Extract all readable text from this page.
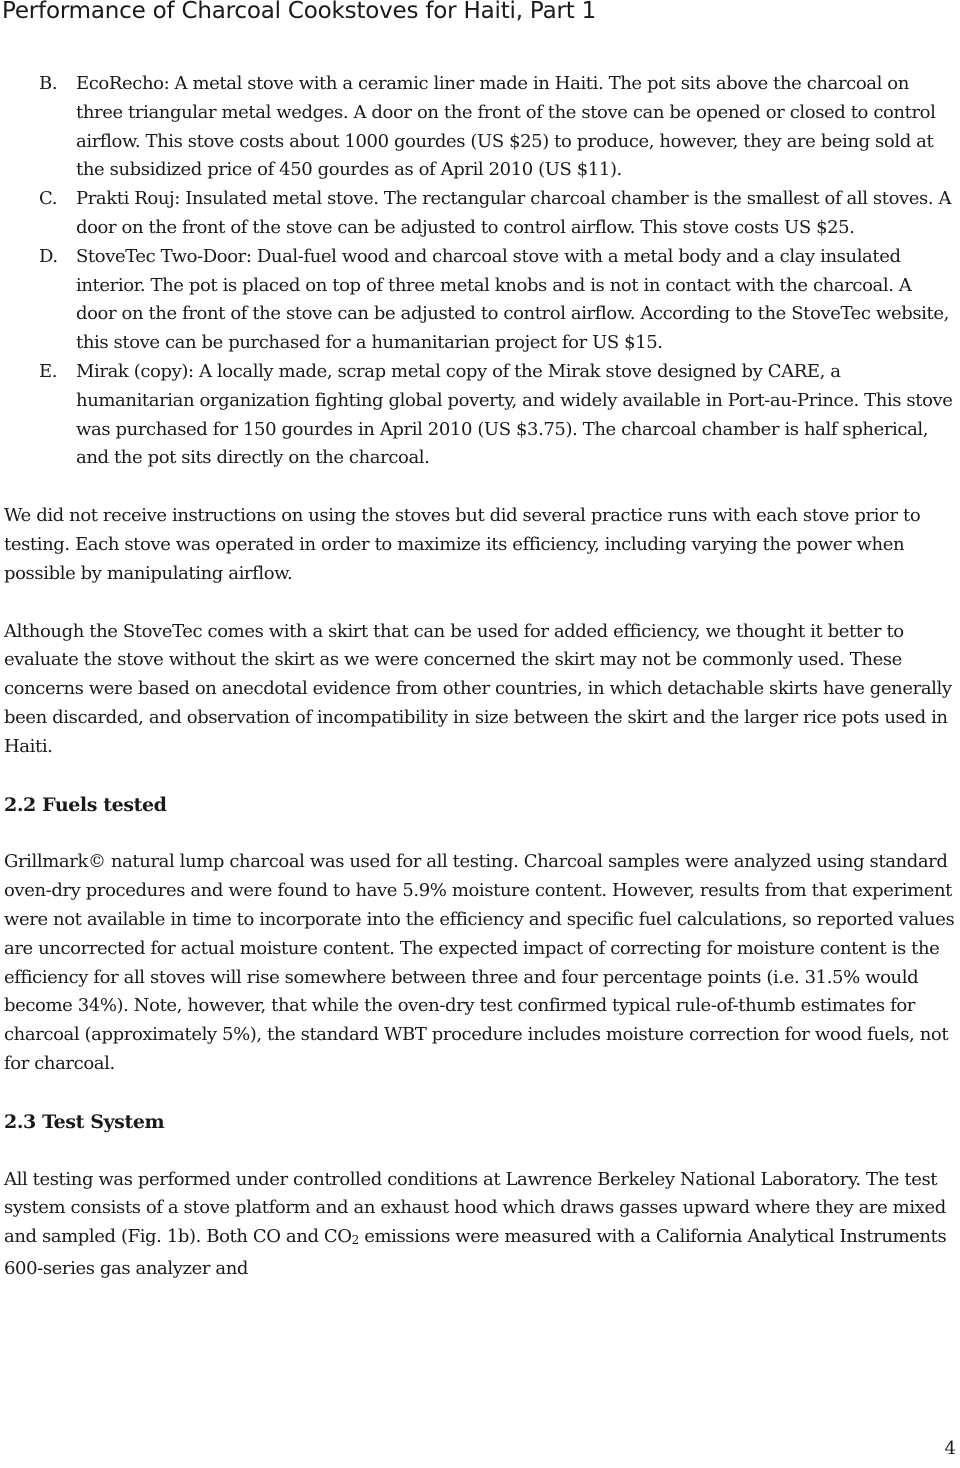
Performance of Charcoal Cookstoves for Haiti, Part 1
B. EcoRecho: A metal stove with a ceramic liner made in Haiti. The pot sits above the charcoal on three triangular metal wedges. A door on the front of the stove can be opened or closed to control airflow. This stove costs about 1000 gourdes (US $25) to produce, however, they are being sold at the subsidized price of 450 gourdes as of April 2010 (US $11).
C. Prakti Rouj: Insulated metal stove. The rectangular charcoal chamber is the smallest of all stoves. A door on the front of the stove can be adjusted to control airflow. This stove costs US $25.
D. StoveTec Two-Door: Dual-fuel wood and charcoal stove with a metal body and a clay insulated interior. The pot is placed on top of three metal knobs and is not in contact with the charcoal. A door on the front of the stove can be adjusted to control airflow. According to the StoveTec website, this stove can be purchased for a humanitarian project for US $15.
E. Mirak (copy): A locally made, scrap metal copy of the Mirak stove designed by CARE, a humanitarian organization fighting global poverty, and widely available in Port-au-Prince. This stove was purchased for 150 gourdes in April 2010 (US $3.75). The charcoal chamber is half spherical, and the pot sits directly on the charcoal.

We did not receive instructions on using the stoves but did several practice runs with each stove prior to testing. Each stove was operated in order to maximize its efficiency, including varying the power when possible by manipulating airflow.

Although the StoveTec comes with a skirt that can be used for added efficiency, we thought it better to evaluate the stove without the skirt as we were concerned the skirt may not be commonly used. These concerns were based on anecdotal evidence from other countries, in which detachable skirts have generally been discarded, and observation of incompatibility in size between the skirt and the larger rice pots used in Haiti.

2.2 Fuels tested

Grillmark© natural lump charcoal was used for all testing. Charcoal samples were analyzed using standard oven-dry procedures and were found to have 5.9% moisture content. However, results from that experiment were not available in time to incorporate into the efficiency and specific fuel calculations, so reported values are uncorrected for actual moisture content. The expected impact of correcting for moisture content is the efficiency for all stoves will rise somewhere between three and four percentage points (i.e. 31.5% would become 34%). Note, however, that while the oven-dry test confirmed typical rule-of-thumb estimates for charcoal (approximately 5%), the standard WBT procedure includes moisture correction for wood fuels, not for charcoal.

2.3 Test System

All testing was performed under controlled conditions at Lawrence Berkeley National Laboratory. The test system consists of a stove platform and an exhaust hood which draws gasses upward where they are mixed and sampled (Fig. 1b). Both CO and $CO_2$ emissions were measured with a California Analytical Instruments 600-series gas analyzer and

4
